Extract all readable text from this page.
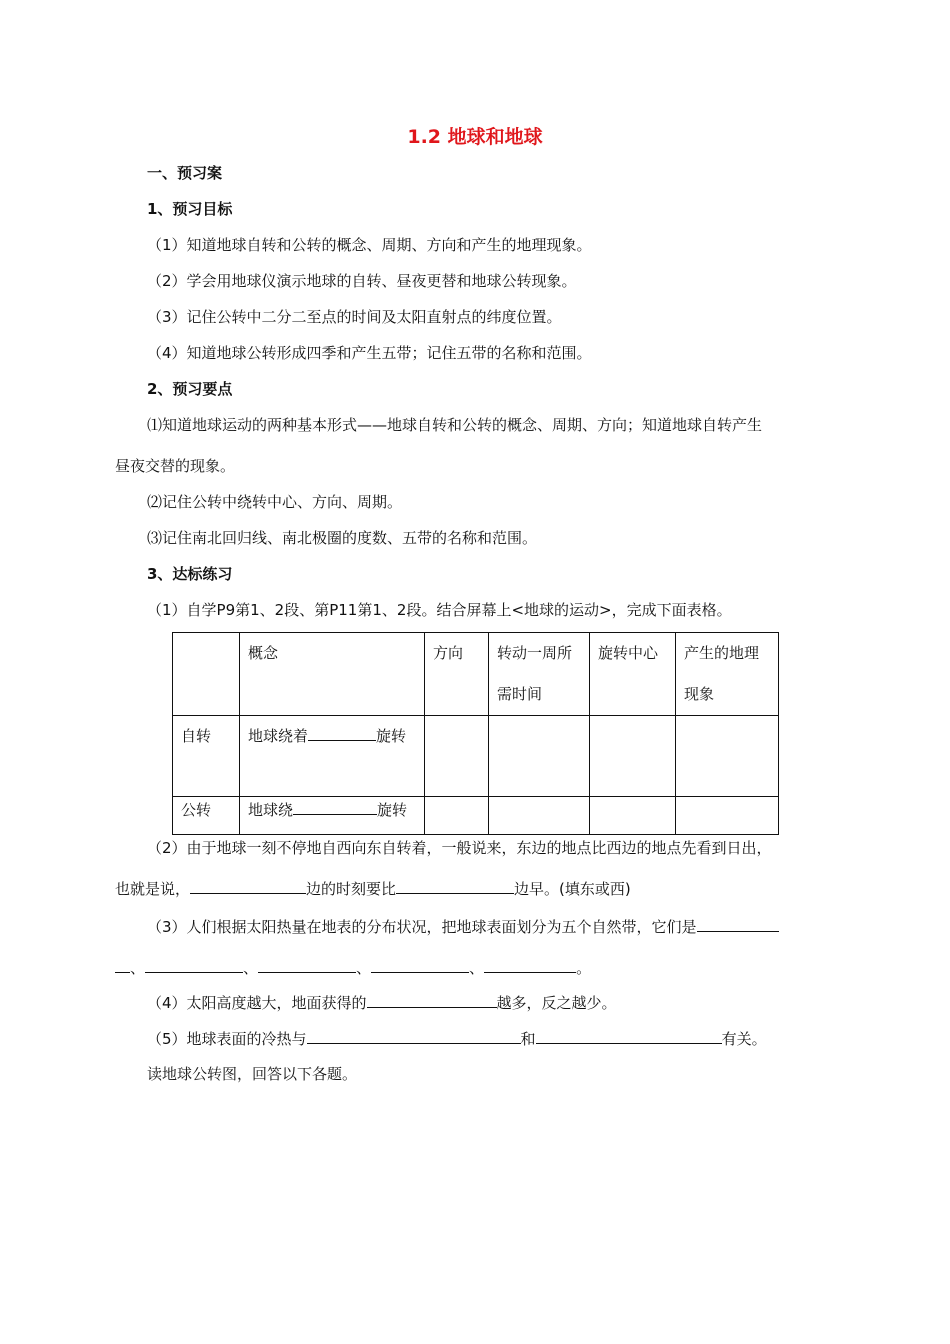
1.2 地球和地球
一、预习案
1、预习目标
（1）知道地球自转和公转的概念、周期、方向和产生的地理现象。
（2）学会用地球仪演示地球的自转、昼夜更替和地球公转现象。
（3）记住公转中二分二至点的时间及太阳直射点的纬度位置。
（4）知道地球公转形成四季和产生五带；记住五带的名称和范围。
2、预习要点
⑴知道地球运动的两种基本形式——地球自转和公转的概念、周期、方向；知道地球自转产生
昼夜交替的现象。
⑵记住公转中绕转中心、方向、周期。
⑶记住南北回归线、南北极圈的度数、五带的名称和范围。
3、达标练习
（1）自学P9第1、2段、第P11第1、2段。结合屏幕上<地球的运动>，完成下面表格。
	概念	方向	转动一周所需时间	旋转中心	产生的地理现象
自转	地球绕着 旋转				
公转	地球绕 旋转				
（2）由于地球一刻不停地自西向东自转着，一般说来，东边的地点比西边的地点先看到日出，
也就是说，	边的时刻要比	边早。(填东或西)
（3）人们根据太阳热量在地表的分布状况，把地球表面划分为五个自然带，它们是
、	、	、	、	。
（4）太阳高度越大，地面获得的	越多，反之越少。
（5）地球表面的冷热与	和	有关。
读地球公转图，回答以下各题。
